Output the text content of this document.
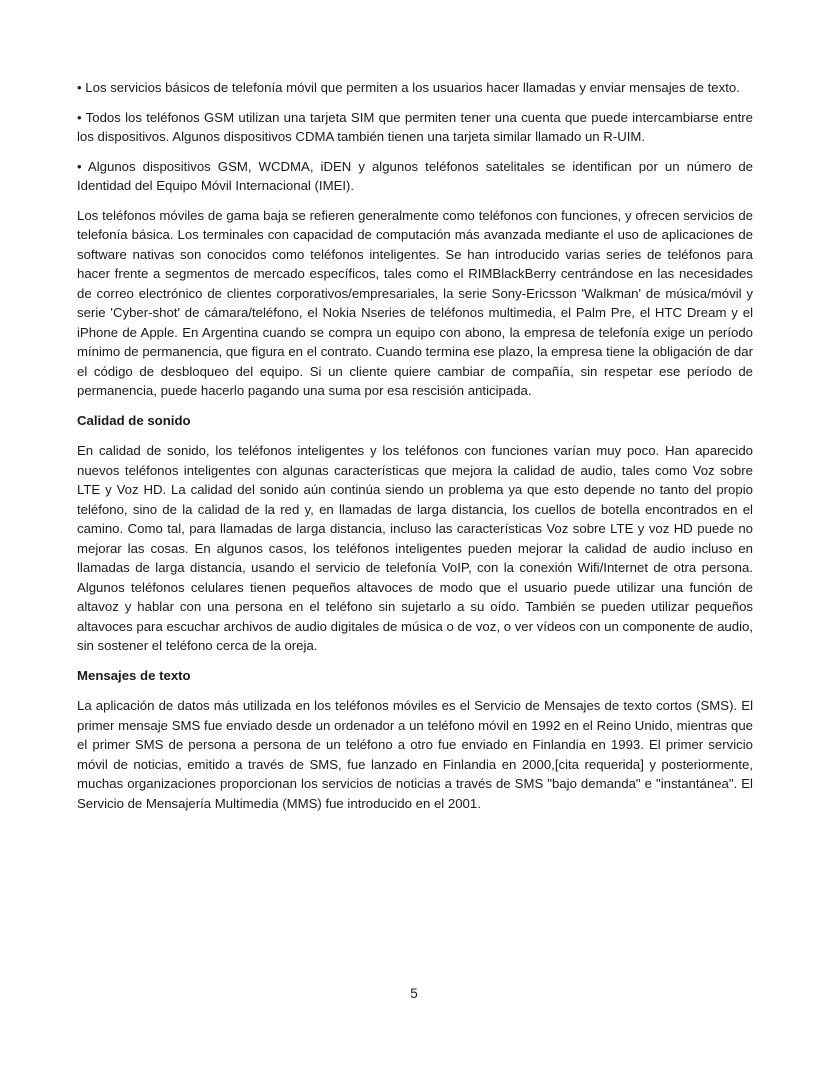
• Los servicios básicos de telefonía móvil que permiten a los usuarios hacer llamadas y enviar mensajes de texto.

• Todos los teléfonos GSM utilizan una tarjeta SIM que permiten tener una cuenta que puede intercambiarse entre los dispositivos. Algunos dispositivos CDMA también tienen una tarjeta similar llamado un R-UIM.

• Algunos dispositivos GSM, WCDMA, iDEN y algunos teléfonos satelitales se identifican por un número de Identidad del Equipo Móvil Internacional (IMEI).

Los teléfonos móviles de gama baja se refieren generalmente como teléfonos con funciones, y ofrecen servicios de telefonía básica. Los terminales con capacidad de computación más avanzada mediante el uso de aplicaciones de software nativas son conocidos como teléfonos inteligentes. Se han introducido varias series de teléfonos para hacer frente a segmentos de mercado específicos, tales como el RIMBlackBerry centrándose en las necesidades de correo electrónico de clientes corporativos/empresariales, la serie Sony-Ericsson 'Walkman' de música/móvil y serie 'Cyber-shot' de cámara/teléfono, el Nokia Nseries de teléfonos multimedia, el Palm Pre, el HTC Dream y el iPhone de Apple. En Argentina cuando se compra un equipo con abono, la empresa de telefonía exige un período mínimo de permanencia, que figura en el contrato. Cuando termina ese plazo, la empresa tiene la obligación de dar el código de desbloqueo del equipo. Si un cliente quiere cambiar de compañía, sin respetar ese período de permanencia, puede hacerlo pagando una suma por esa rescisión anticipada.

Calidad de sonido

En calidad de sonido, los teléfonos inteligentes y los teléfonos con funciones varían muy poco. Han aparecido nuevos teléfonos inteligentes con algunas características que mejora la calidad de audio, tales como Voz sobre LTE y Voz HD. La calidad del sonido aún continúa siendo un problema ya que esto depende no tanto del propio teléfono, sino de la calidad de la red y, en llamadas de larga distancia, los cuellos de botella encontrados en el camino. Como tal, para llamadas de larga distancia, incluso las características Voz sobre LTE y voz HD puede no mejorar las cosas. En algunos casos, los teléfonos inteligentes pueden mejorar la calidad de audio incluso en llamadas de larga distancia, usando el servicio de telefonía VoIP, con la conexión Wifi/Internet de otra persona. Algunos teléfonos celulares tienen pequeños altavoces de modo que el usuario puede utilizar una función de altavoz y hablar con una persona en el teléfono sin sujetarlo a su oído. También se pueden utilizar pequeños altavoces para escuchar archivos de audio digitales de música o de voz, o ver vídeos con un componente de audio, sin sostener el teléfono cerca de la oreja.

Mensajes de texto

La aplicación de datos más utilizada en los teléfonos móviles es el Servicio de Mensajes de texto cortos (SMS). El primer mensaje SMS fue enviado desde un ordenador a un teléfono móvil en 1992 en el Reino Unido, mientras que el primer SMS de persona a persona de un teléfono a otro fue enviado en Finlandia en 1993. El primer servicio móvil de noticias, emitido a través de SMS, fue lanzado en Finlandia en 2000,[cita requerida] y posteriormente, muchas organizaciones proporcionan los servicios de noticias a través de SMS "bajo demanda" e "instantánea". El Servicio de Mensajería Multimedia (MMS) fue introducido en el 2001.

5
